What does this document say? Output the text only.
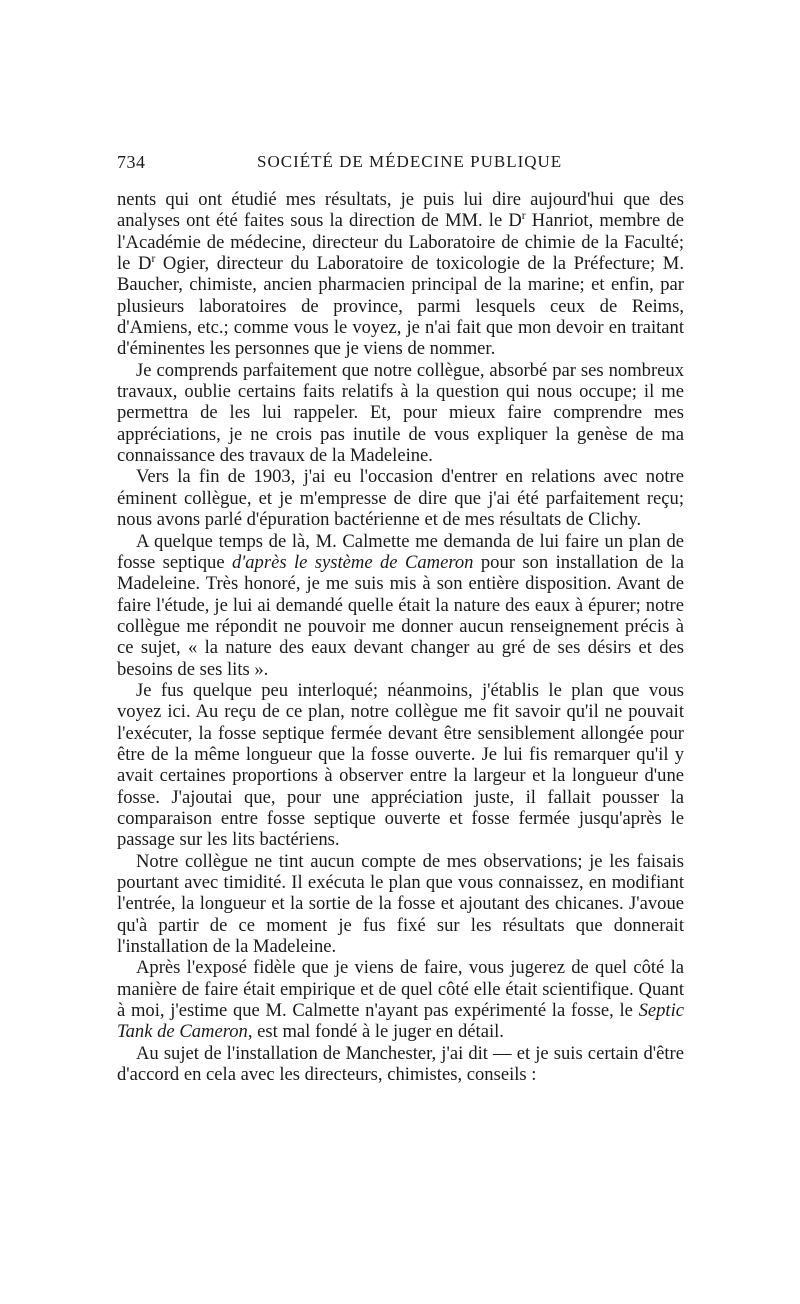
734	SOCIÉTÉ DE MÉDECINE PUBLIQUE

nents qui ont étudié mes résultats, je puis lui dire aujourd'hui que des analyses ont été faites sous la direction de MM. le $D^r$ Hanriot, membre de l'Académie de médecine, directeur du Laboratoire de chimie de la Faculté; le $D^r$ Ogier, directeur du Laboratoire de toxicologie de la Préfecture; M. Baucher, chimiste, ancien pharmacien principal de la marine; et enfin, par plusieurs laboratoires de province, parmi lesquels ceux de Reims, d'Amiens, etc.; comme vous le voyez, je n'ai fait que mon devoir en traitant d'éminentes les personnes que je viens de nommer.

Je comprends parfaitement que notre collègue, absorbé par ses nombreux travaux, oublie certains faits relatifs à la question qui nous occupe; il me permettra de les lui rappeler. Et, pour mieux faire comprendre mes appréciations, je ne crois pas inutile de vous expliquer la genèse de ma connaissance des travaux de la Madeleine.

Vers la fin de 1903, j'ai eu l'occasion d'entrer en relations avec notre éminent collègue, et je m'empresse de dire que j'ai été parfaitement reçu; nous avons parlé d'épuration bactérienne et de mes résultats de Clichy.

A quelque temps de là, M. Calmette me demanda de lui faire un plan de fosse septique d'après le système de Cameron pour son installation de la Madeleine. Très honoré, je me suis mis à son entière disposition. Avant de faire l'étude, je lui ai demandé quelle était la nature des eaux à épurer; notre collègue me répondit ne pouvoir me donner aucun renseignement précis à ce sujet, « la nature des eaux devant changer au gré de ses désirs et des besoins de ses lits ».

Je fus quelque peu interloqué; néanmoins, j'établis le plan que vous voyez ici. Au reçu de ce plan, notre collègue me fit savoir qu'il ne pouvait l'exécuter, la fosse septique fermée devant être sensiblement allongée pour être de la même longueur que la fosse ouverte. Je lui fis remarquer qu'il y avait certaines proportions à observer entre la largeur et la longueur d'une fosse. J'ajoutai que, pour une appréciation juste, il fallait pousser la comparaison entre fosse septique ouverte et fosse fermée jusqu'après le passage sur les lits bactériens.

Notre collègue ne tint aucun compte de mes observations; je les faisais pourtant avec timidité. Il exécuta le plan que vous connaissez, en modifiant l'entrée, la longueur et la sortie de la fosse et ajoutant des chicanes. J'avoue qu'à partir de ce moment je fus fixé sur les résultats que donnerait l'installation de la Madeleine.

Après l'exposé fidèle que je viens de faire, vous jugerez de quel côté la manière de faire était empirique et de quel côté elle était scientifique. Quant à moi, j'estime que M. Calmette n'ayant pas expérimenté la fosse, le Septic Tank de Cameron, est mal fondé à le juger en détail.

Au sujet de l'installation de Manchester, j'ai dit — et je suis certain d'être d'accord en cela avec les directeurs, chimistes, conseils :
